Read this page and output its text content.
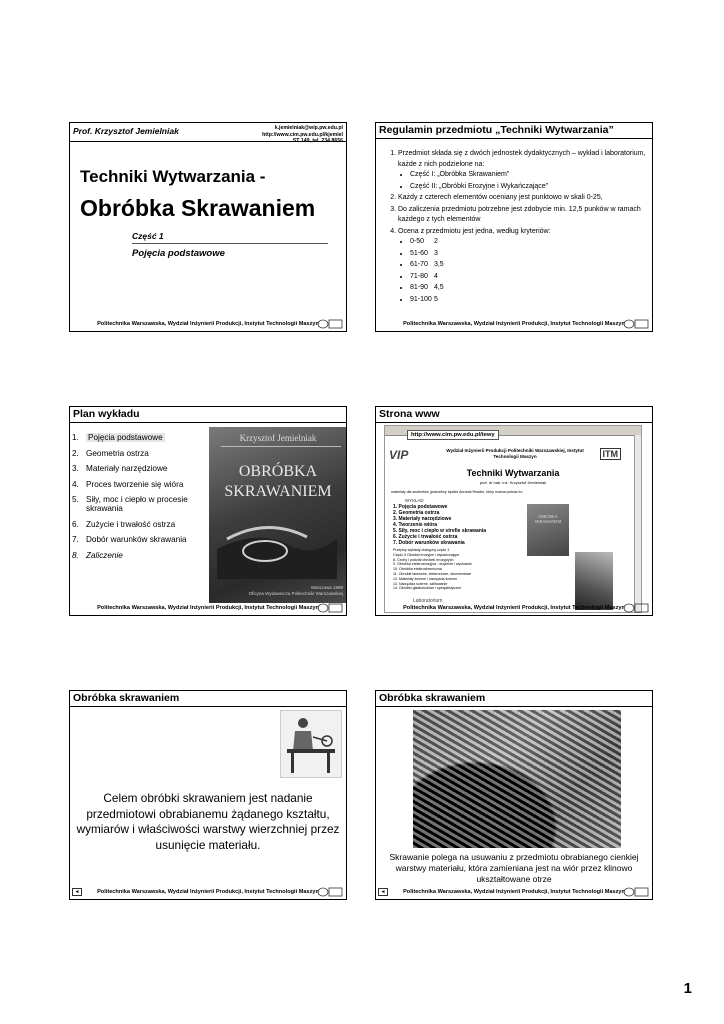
Prof. Krzysztof Jemielniak	k.jemielniak@wip.pw.edu.pl
http://www.cim.pw.edu.pl/kjemiel
ST 149, tel. 234 8656
Techniki Wytwarzania -
Obróbka Skrawaniem
Część 1
Pojęcia podstawowe
Politechnika Warszawska, Wydział Inżynierii Produkcji, Instytut Technologii Maszyn
Regulamin przedmiotu „Techniki Wytwarzania”
1. Przedmiot składa się z dwóch jednostek dydaktycznych – wykład i laboratorium, każde z nich podzielone na:
• Część I: „Obróbka Skrawaniem”
• Część II: „Obróbki Erozyjne i Wykańczające”
2. Każdy z czterech elementów oceniany jest punktowo w skali 0-25,
3. Do zaliczenia przedmiotu potrzebne jest zdobycie min. 12,5 punków w ramach każdego z tych elementów
4. Ocena z przedmiotu jest jedna, według kryteriów:
• 0-50 2
• 51-60 3
• 61-70 3,5
• 71-80 4
• 81-90 4,5
• 91-100 5
Politechnika Warszawska, Wydział Inżynierii Produkcji, Instytut Technologii Maszyn
Plan wykładu
1.	Pojęcia podstawowe
2. Geometria ostrza
3. Materiały narzędziowe
4. Proces tworzenie się wióra
5. Siły, moc i ciepło w procesie skrawania
6. Zużycie i trwałość ostrza
7. Dobór warunków skrawania
8. Zaliczenie
Krzysztof Jemielniak
OBRÓBKA
SKRAWANIEM
Warszawa 1998
Oficyna Wydawnicza Politechniki Warszawskiej
Politechnika Warszawska, Wydział Inżynierii Produkcji, Instytut Technologii Maszyn
Strona www
http://www.cim.pw.edu.pl/tewy
VIP	Wydział Inżynierii Produkcji Politechniki Warszawskiej, Instytut Technologii Maszyn	ITM
Techniki Wytwarzania
prof. dr hab. inż. Krzysztof Jemielniak
materiały dla studentów (potrzebny będzie Acrobat Reader, który można pobrać tu:
WYKŁAD
1. Pojęcia podstawowe
2. Geometria ostrza
3. Materiały narzędziowe
4. Tworzenie wióra
5. Siły, moc i ciepło w strefie skrawania
6. Zużycie i trwałość ostrza
7. Dobór warunków skrawania
Przepisy wykłady dostępny część 1
Część II Obróbki erozyjne i wykańczające
8. Cechy i podział obróbek erozyjnych
9. Obróbka elektroerozyjna - drążenie i wycinanie
10. Obróbka elektrochemiczna
11. Obróbki laserowe, elektronowe, strumieniowe
12. Materiały ścierne i narzędzia ścierne
13. Narzędzia ścierne, szlifowanie
14. Obróbki gładkościowe i specjalistyczne
Laboratorium
OBRÓBKA SKRAWANIEM
Politechnika Warszawska, Wydział Inżynierii Produkcji, Instytut Technologii Maszyn
Obróbka skrawaniem
Celem obróbki skrawaniem jest nadanie przedmiotowi obrabianemu żądanego kształtu, wymiarów i właściwości warstwy wierzchniej przez usunięcie materiału.
◄	Politechnika Warszawska, Wydział Inżynierii Produkcji, Instytut Technologii Maszyn
Obróbka skrawaniem
Skrawanie polega na usuwaniu z przedmiotu obrabianego cienkiej warstwy materiału, która zamieniana jest na wiór przez klinowo ukształtowane otrze
◄	Politechnika Warszawska, Wydział Inżynierii Produkcji, Instytut Technologii Maszyn
1
